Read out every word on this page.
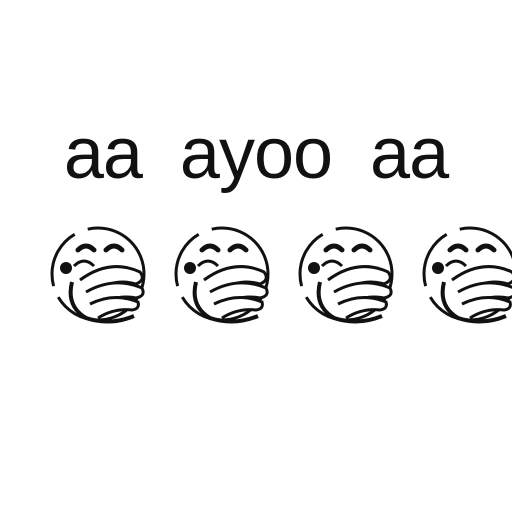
aa  ayoo  aa
